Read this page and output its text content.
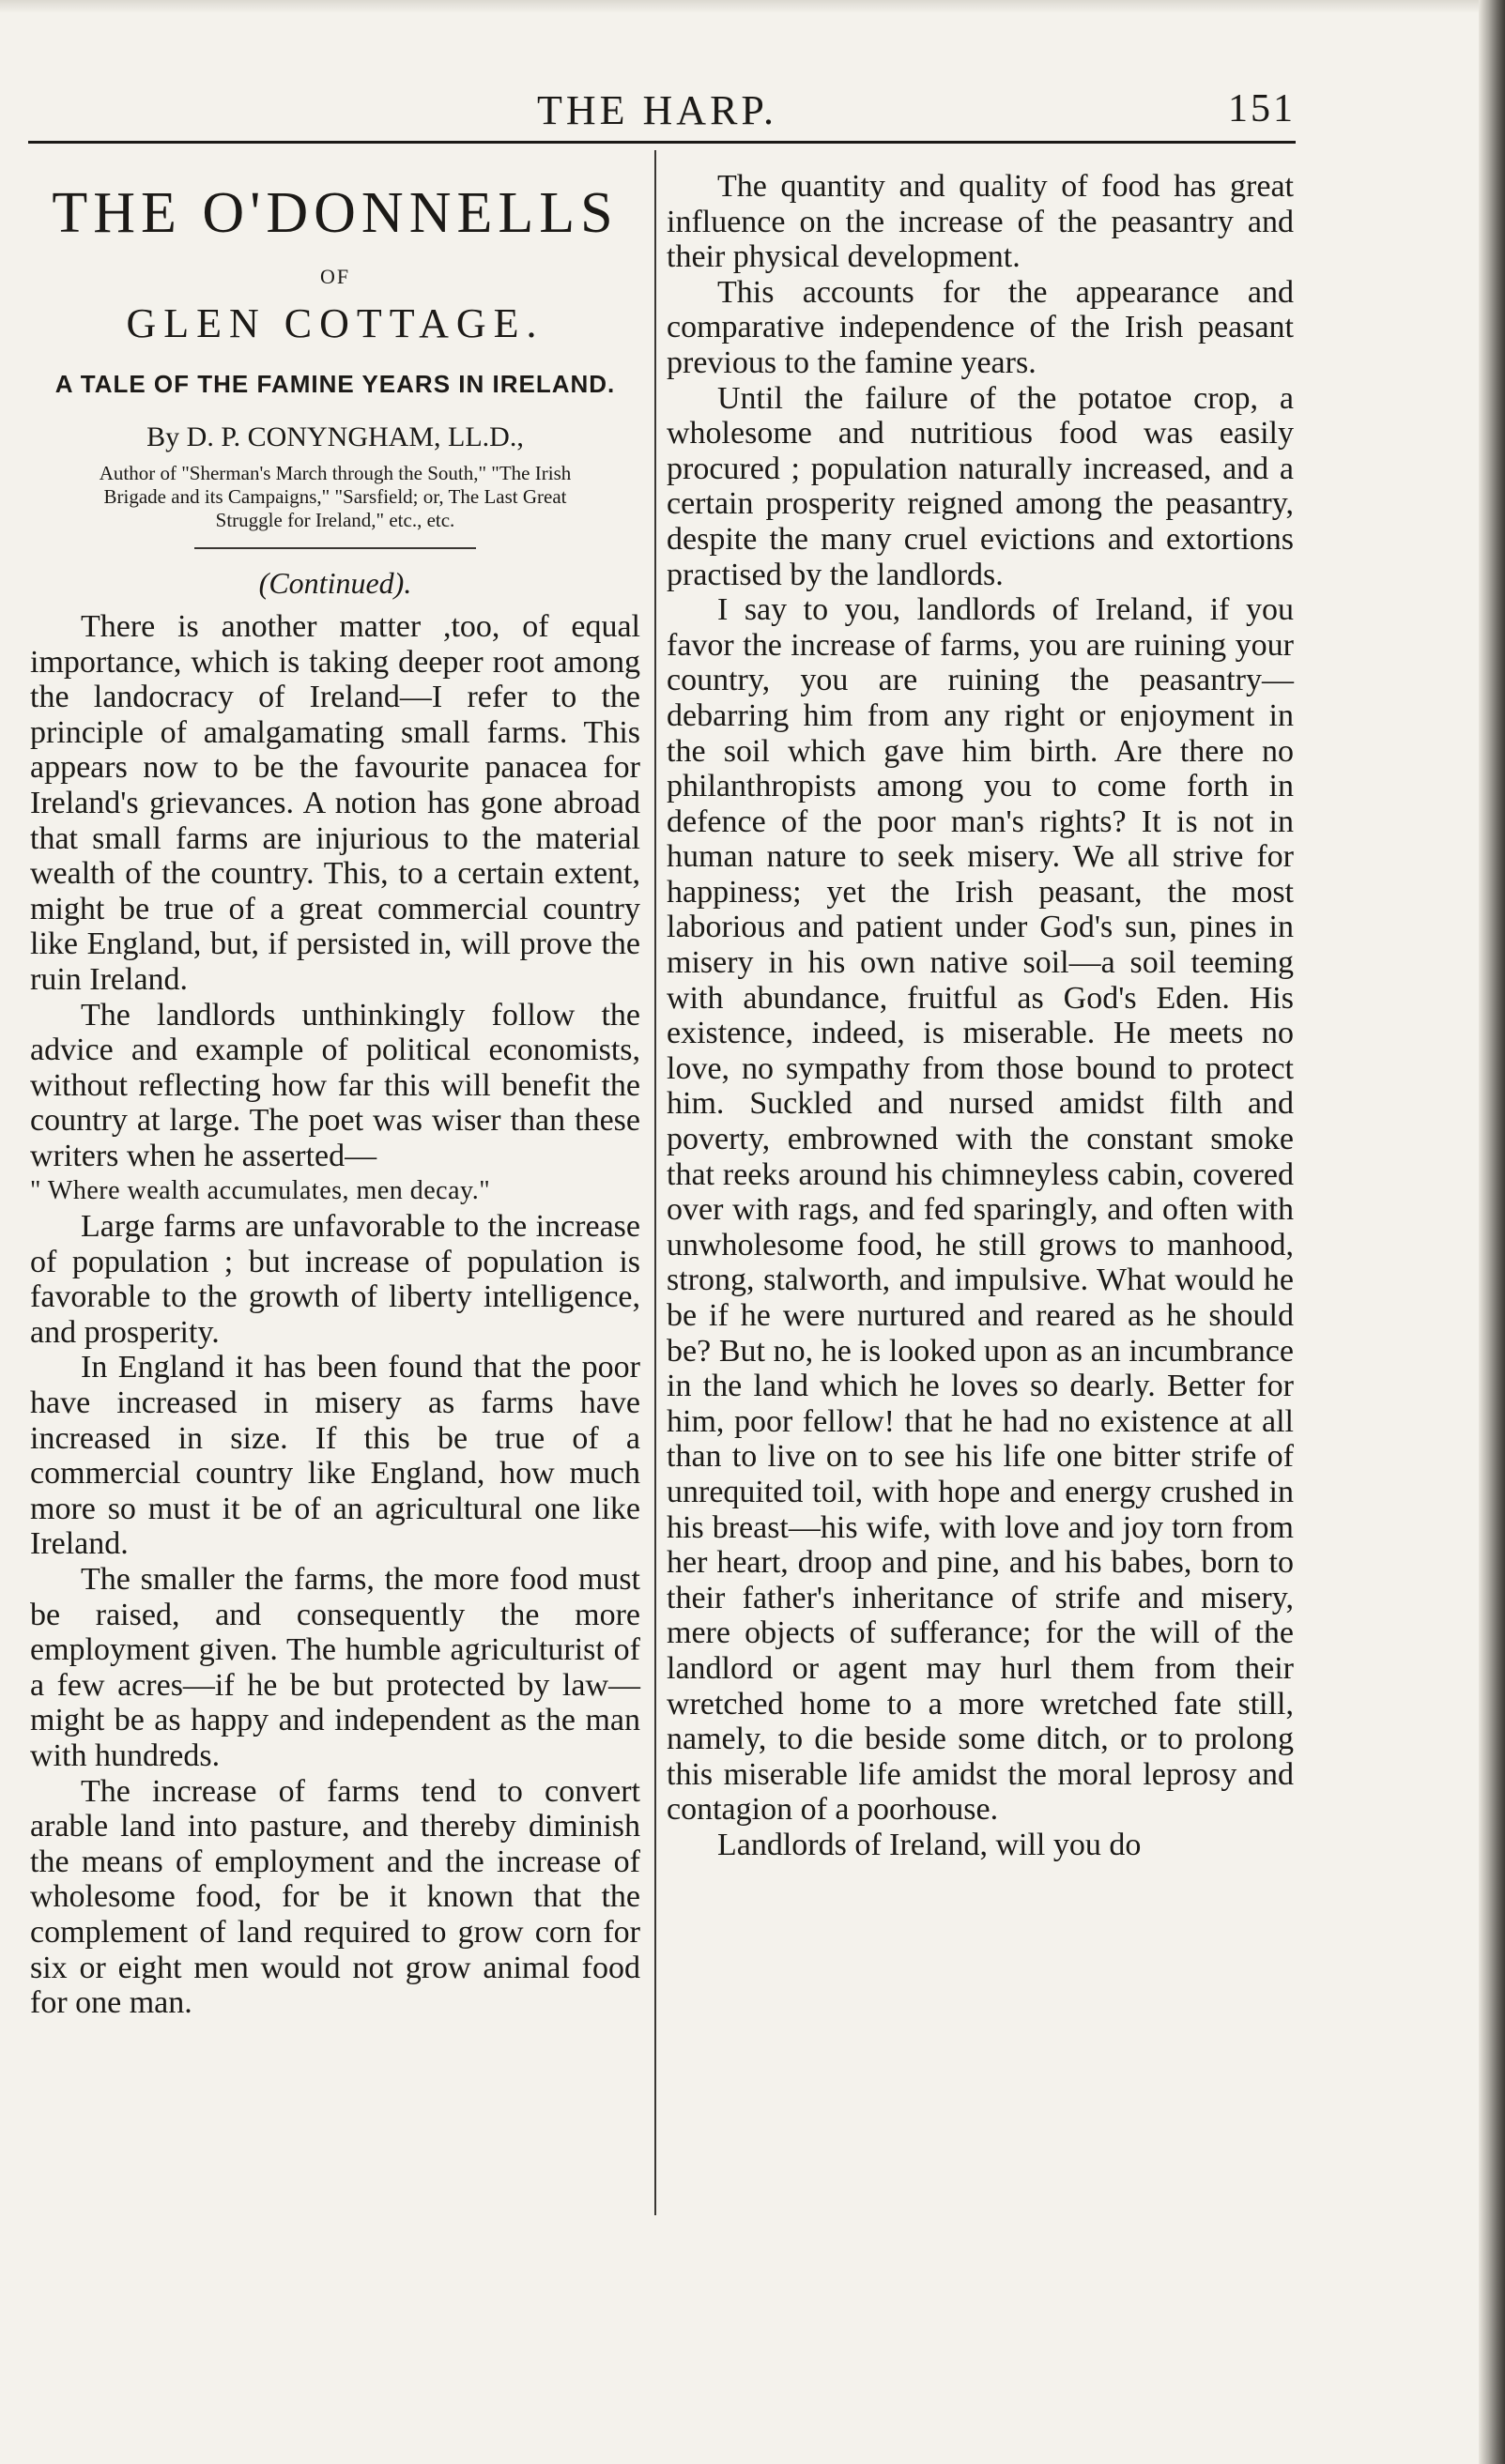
THE HARP.	151
THE O'DONNELLS
OF
GLEN COTTAGE.
A TALE OF THE FAMINE YEARS IN IRELAND.
By D. P. CONYNGHAM, LL.D.,
Author of "Sherman's March through the South," "The Irish Brigade and its Campaigns," "Sarsfield; or, The Last Great Struggle for Ireland," etc., etc.
(Continued).

There is another matter ,too, of equal importance, which is taking deeper root among the landocracy of Ireland—I refer to the principle of amalgamating small farms. This appears now to be the favourite panacea for Ireland's grievances. A notion has gone abroad that small farms are injurious to the material wealth of the country. This, to a certain extent, might be true of a great commercial country like England, but, if persisted in, will prove the ruin Ireland.

The landlords unthinkingly follow the advice and example of political economists, without reflecting how far this will benefit the country at large. The poet was wiser than these writers when he asserted—

" Where wealth accumulates, men decay."

Large farms are unfavorable to the increase of population ; but increase of population is favorable to the growth of liberty intelligence, and prosperity.

In England it has been found that the poor have increased in misery as farms have increased in size. If this be true of a commercial country like England, how much more so must it be of an agricultural one like Ireland.

The smaller the farms, the more food must be raised, and consequently the more employment given. The humble agriculturist of a few acres—if he be but protected by law—might be as happy and independent as the man with hundreds.

The increase of farms tend to convert arable land into pasture, and thereby diminish the means of employment and the increase of wholesome food, for be it known that the complement of land required to grow corn for six or eight men would not grow animal food for one man.

The quantity and quality of food has great influence on the increase of the peasantry and their physical development.

This accounts for the appearance and comparative independence of the Irish peasant previous to the famine years.

Until the failure of the potatoe crop, a wholesome and nutritious food was easily procured ; population naturally increased, and a certain prosperity reigned among the peasantry, despite the many cruel evictions and extortions practised by the landlords.

I say to you, landlords of Ireland, if you favor the increase of farms, you are ruining your country, you are ruining the peasantry—debarring him from any right or enjoyment in the soil which gave him birth. Are there no philanthropists among you to come forth in defence of the poor man's rights? It is not in human nature to seek misery. We all strive for happiness; yet the Irish peasant, the most laborious and patient under God's sun, pines in misery in his own native soil—a soil teeming with abundance, fruitful as God's Eden. His existence, indeed, is miserable. He meets no love, no sympathy from those bound to protect him. Suckled and nursed amidst filth and poverty, embrowned with the constant smoke that reeks around his chimneyless cabin, covered over with rags, and fed sparingly, and often with unwholesome food, he still grows to manhood, strong, stalworth, and impulsive. What would he be if he were nurtured and reared as he should be? But no, he is looked upon as an incumbrance in the land which he loves so dearly. Better for him, poor fellow! that he had no existence at all than to live on to see his life one bitter strife of unrequited toil, with hope and energy crushed in his breast—his wife, with love and joy torn from her heart, droop and pine, and his babes, born to their father's inheritance of strife and misery, mere objects of sufferance; for the will of the landlord or agent may hurl them from their wretched home to a more wretched fate still, namely, to die beside some ditch, or to prolong this miserable life amidst the moral leprosy and contagion of a poorhouse.

Landlords of Ireland, will you do
